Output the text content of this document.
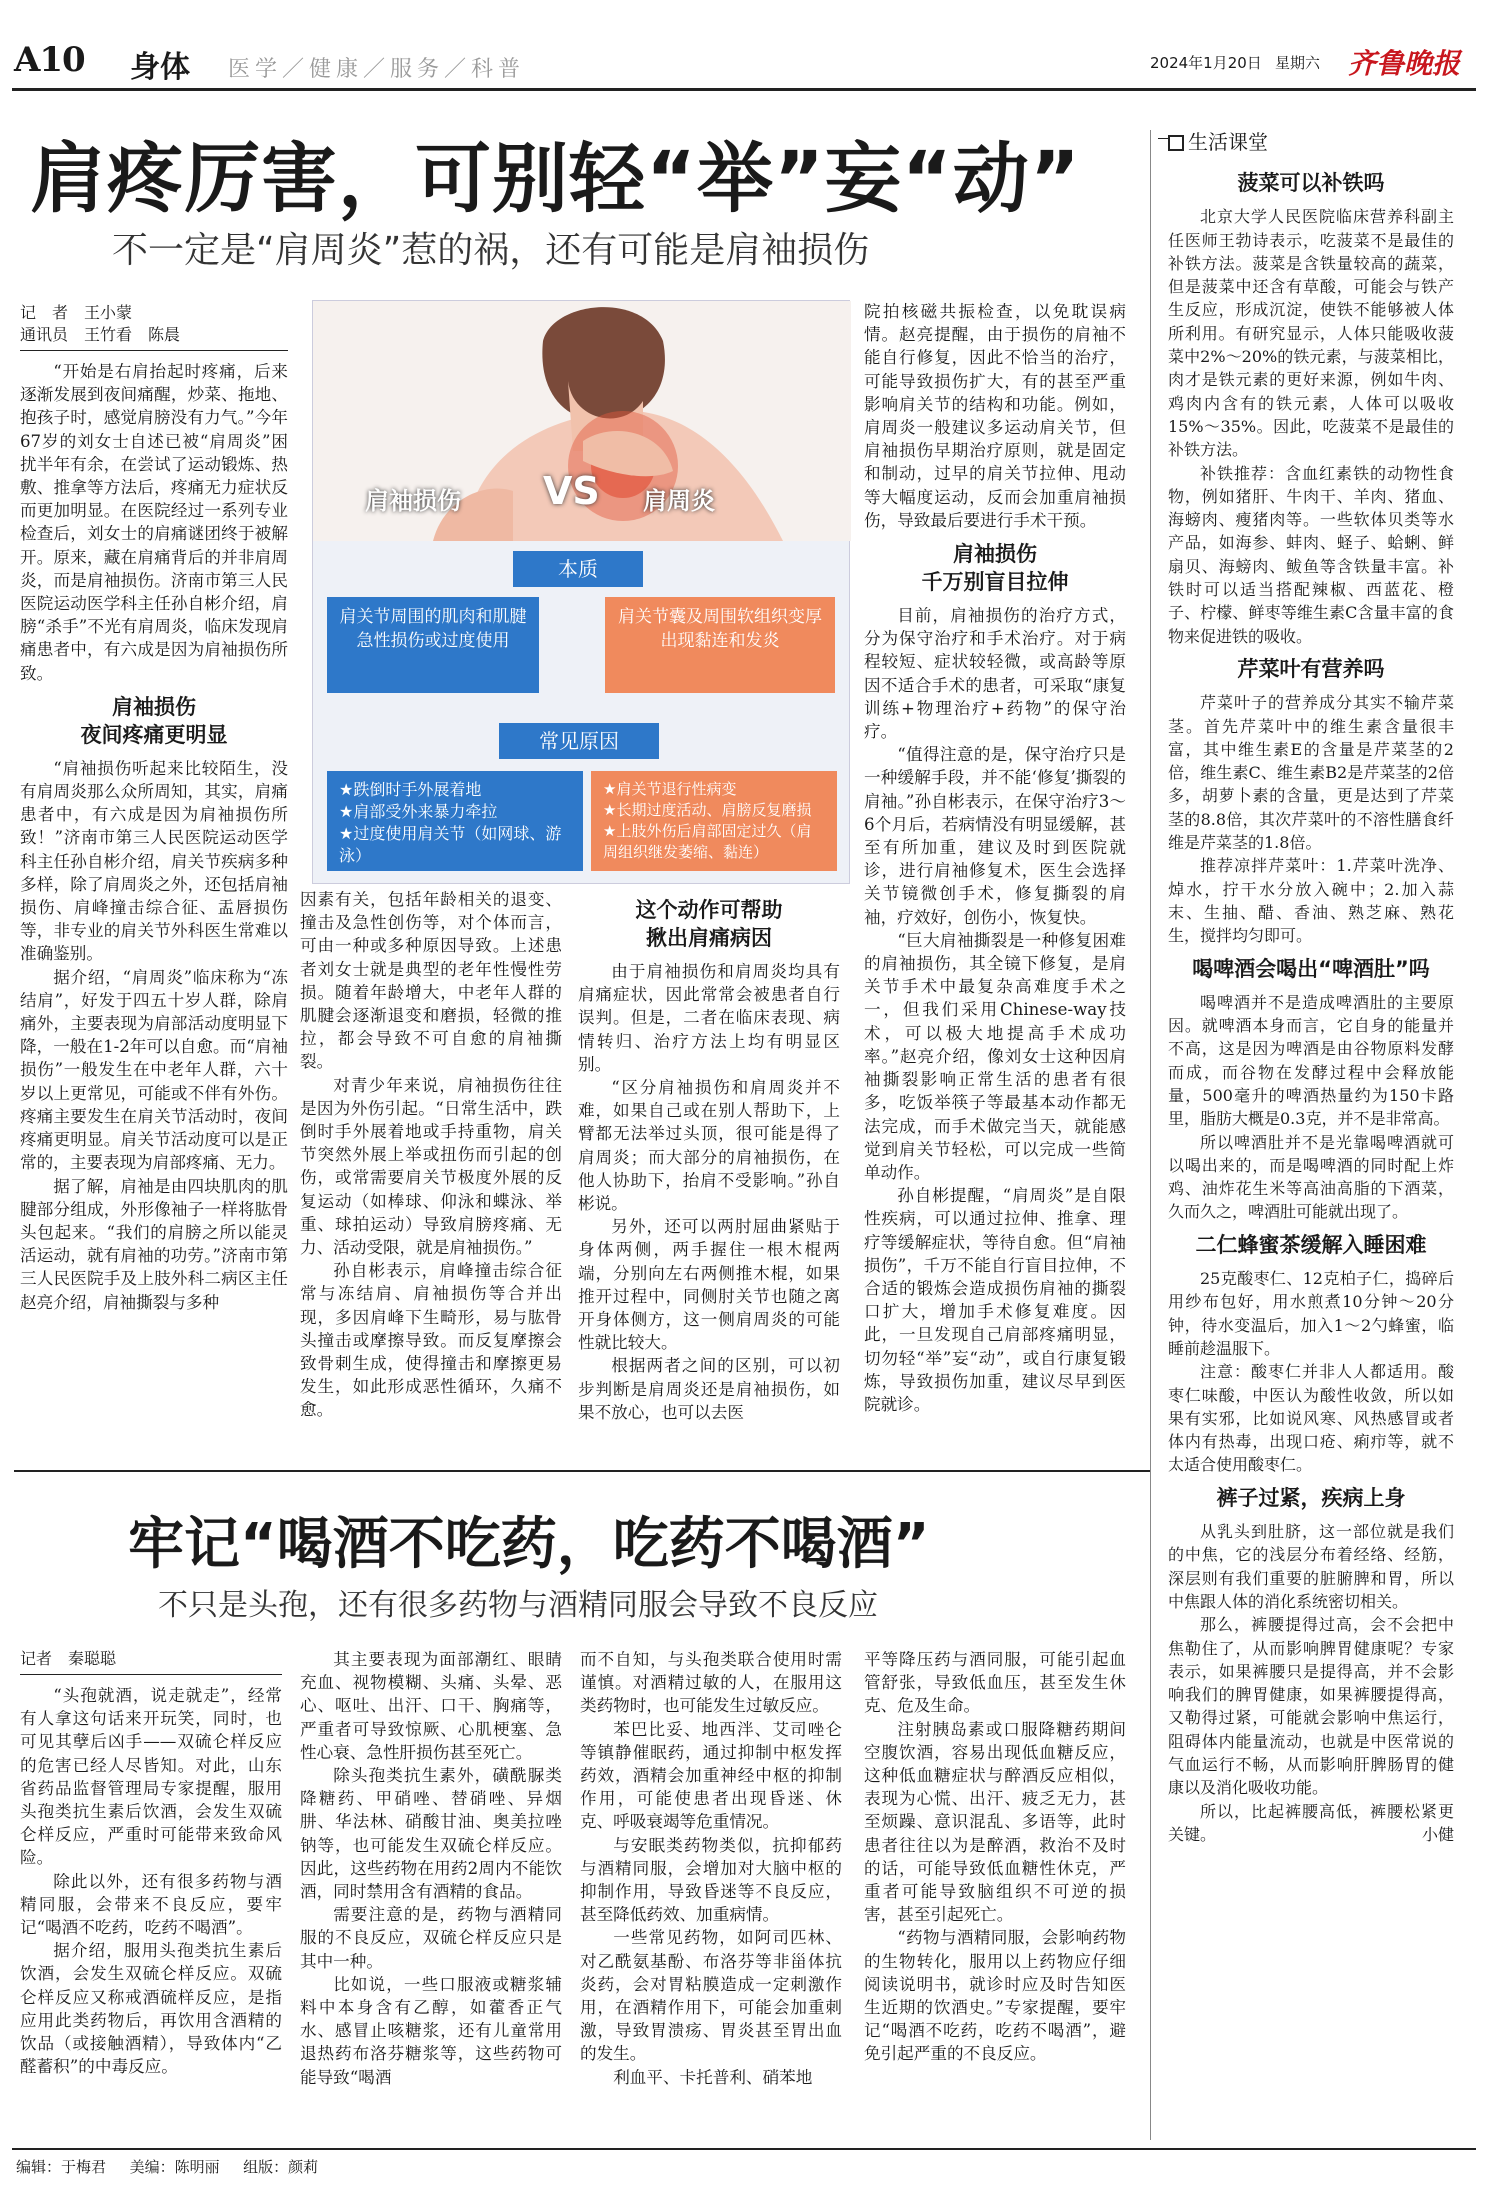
A10 身体 医学／健康／服务／科普	2024年1月20日 星期六 齐鲁晚报
肩疼厉害，可别轻“举”妄“动”
不一定是“肩周炎”惹的祸，还有可能是肩袖损伤
记　者　王小蒙
通讯员　王竹看　陈晨

“开始是右肩抬起时疼痛，后来逐渐发展到夜间痛醒，炒菜、拖地、抱孩子时，感觉肩膀没有力气。”今年67岁的刘女士自述已被“肩周炎”困扰半年有余，在尝试了运动锻炼、热敷、推拿等方法后，疼痛无力症状反而更加明显。在医院经过一系列专业检查后，刘女士的肩痛谜团终于被解开。原来，藏在肩痛背后的并非肩周炎，而是肩袖损伤。济南市第三人民医院运动医学科主任孙自彬介绍，肩膀“杀手”不光有肩周炎，临床发现肩痛患者中，有六成是因为肩袖损伤所致。

肩袖损伤
夜间疼痛更明显

“肩袖损伤听起来比较陌生，没有肩周炎那么众所周知，其实，肩痛患者中，有六成是因为肩袖损伤所致！”济南市第三人民医院运动医学科主任孙自彬介绍，肩关节疾病多种多样，除了肩周炎之外，还包括肩袖损伤、肩峰撞击综合征、盂唇损伤等，非专业的肩关节外科医生常难以准确鉴别。

据介绍，“肩周炎”临床称为“冻结肩”，好发于四五十岁人群，除肩痛外，主要表现为肩部活动度明显下降，一般在1-2年可以自愈。而“肩袖损伤”一般发生在中老年人群，六十岁以上更常见，可能或不伴有外伤。疼痛主要发生在肩关节活动时，夜间疼痛更明显。肩关节活动度可以是正常的，主要表现为肩部疼痛、无力。

据了解，肩袖是由四块肌肉的肌腱部分组成，外形像袖子一样将肱骨头包起来。“我们的肩膀之所以能灵活运动，就有肩袖的功劳。”济南市第三人民医院手及上肢外科二病区主任赵亮介绍，肩袖撕裂与多种

肩袖损伤 VS 肩周炎
本质
肩关节周围的肌肉和肌腱急性损伤或过度使用
肩关节囊及周围软组织变厚出现黏连和发炎
常见原因
★跌倒时手外展着地
★肩部受外来暴力牵拉
★过度使用肩关节（如网球、游泳）
★肩关节退行性病变
★长期过度活动、肩膀反复磨损
★上肢外伤后肩部固定过久（肩周组织继发萎缩、黏连）

因素有关，包括年龄相关的退变、撞击及急性创伤等，对个体而言，可由一种或多种原因导致。上述患者刘女士就是典型的老年性慢性劳损。随着年龄增大，中老年人群的肌腱会逐渐退变和磨损，轻微的推拉，都会导致不可自愈的肩袖撕裂。

对青少年来说，肩袖损伤往往是因为外伤引起。“日常生活中，跌倒时手外展着地或手持重物，肩关节突然外展上举或扭伤而引起的创伤，或常需要肩关节极度外展的反复运动（如棒球、仰泳和蝶泳、举重、球拍运动）导致肩膀疼痛、无力、活动受限，就是肩袖损伤。”

孙自彬表示，肩峰撞击综合征常与冻结肩、肩袖损伤等合并出现，多因肩峰下生畸形，易与肱骨头撞击或摩擦导致。而反复摩擦会致骨刺生成，使得撞击和摩擦更易发生，如此形成恶性循环，久痛不愈。

这个动作可帮助
揪出肩痛病因

由于肩袖损伤和肩周炎均具有肩痛症状，因此常常会被患者自行误判。但是，二者在临床表现、病情转归、治疗方法上均有明显区别。

“区分肩袖损伤和肩周炎并不难，如果自己或在别人帮助下，上臂都无法举过头顶，很可能是得了肩周炎；而大部分的肩袖损伤，在他人协助下，抬肩不受影响。”孙自彬说。

另外，还可以两肘屈曲紧贴于身体两侧，两手握住一根木棍两端，分别向左右两侧推木棍，如果推开过程中，同侧肘关节也随之离开身体侧方，这一侧肩周炎的可能性就比较大。

根据两者之间的区别，可以初步判断是肩周炎还是肩袖损伤，如果不放心，也可以去医

院拍核磁共振检查，以免耽误病情。赵亮提醒，由于损伤的肩袖不能自行修复，因此不恰当的治疗，可能导致损伤扩大，有的甚至严重影响肩关节的结构和功能。例如，肩周炎一般建议多运动肩关节，但肩袖损伤早期治疗原则，就是固定和制动，过早的肩关节拉伸、甩动等大幅度运动，反而会加重肩袖损伤，导致最后要进行手术干预。

肩袖损伤
千万别盲目拉伸

目前，肩袖损伤的治疗方式，分为保守治疗和手术治疗。对于病程较短、症状较轻微，或高龄等原因不适合手术的患者，可采取“康复训练+物理治疗+药物”的保守治疗。

“值得注意的是，保守治疗只是一种缓解手段，并不能‘修复’撕裂的肩袖。”孙自彬表示，在保守治疗3～6个月后，若病情没有明显缓解，甚至有所加重，建议及时到医院就诊，进行肩袖修复术，医生会选择关节镜微创手术，修复撕裂的肩袖，疗效好，创伤小，恢复快。

“巨大肩袖撕裂是一种修复困难的肩袖损伤，其全镜下修复，是肩关节手术中最复杂高难度手术之一，但我们采用Chinese-way技术，可以极大地提高手术成功率。”赵亮介绍，像刘女士这种因肩袖撕裂影响正常生活的患者有很多，吃饭举筷子等最基本动作都无法完成，而手术做完当天，就能感觉到肩关节轻松，可以完成一些简单动作。

孙自彬提醒，“肩周炎”是自限性疾病，可以通过拉伸、推拿、理疗等缓解症状，等待自愈。但“肩袖损伤”，千万不能自行盲目拉伸，不合适的锻炼会造成损伤肩袖的撕裂口扩大，增加手术修复难度。因此，一旦发现自己肩部疼痛明显，切勿轻“举”妄“动”，或自行康复锻炼，导致损伤加重，建议尽早到医院就诊。

牢记“喝酒不吃药，吃药不喝酒”
不只是头孢，还有很多药物与酒精同服会导致不良反应
记者　秦聪聪

“头孢就酒，说走就走”，经常有人拿这句话来开玩笑，同时，也可见其孽后凶手——双硫仑样反应的危害已经人尽皆知。对此，山东省药品监督管理局专家提醒，服用头孢类抗生素后饮酒，会发生双硫仑样反应，严重时可能带来致命风险。

除此以外，还有很多药物与酒精同服，会带来不良反应，要牢记“喝酒不吃药，吃药不喝酒”。

据介绍，服用头孢类抗生素后饮酒，会发生双硫仑样反应。双硫仑样反应又称戒酒硫样反应，是指应用此类药物后，再饮用含酒精的饮品（或接触酒精），导致体内“乙醛蓄积”的中毒反应。

其主要表现为面部潮红、眼睛充血、视物模糊、头痛、头晕、恶心、呕吐、出汗、口干、胸痛等，严重者可导致惊厥、心肌梗塞、急性心衰、急性肝损伤甚至死亡。

除头孢类抗生素外，磺酰脲类降糖药、甲硝唑、替硝唑、异烟肼、华法林、硝酸甘油、奥美拉唑钠等，也可能发生双硫仑样反应。因此，这些药物在用药2周内不能饮酒，同时禁用含有酒精的食品。

需要注意的是，药物与酒精同服的不良反应，双硫仑样反应只是其中一种。

比如说，一些口服液或糖浆辅料中本身含有乙醇，如藿香正气水、感冒止咳糖浆，还有儿童常用退热药布洛芬糖浆等，这些药物可能导致“喝酒

而不自知，与头孢类联合使用时需谨慎。对酒精过敏的人，在服用这类药物时，也可能发生过敏反应。

苯巴比妥、地西泮、艾司唑仑等镇静催眠药，通过抑制中枢发挥药效，酒精会加重神经中枢的抑制作用，可能使患者出现昏迷、休克、呼吸衰竭等危重情况。

与安眠类药物类似，抗抑郁药与酒精同服，会增加对大脑中枢的抑制作用，导致昏迷等不良反应，甚至降低药效、加重病情。

一些常见药物，如阿司匹林、对乙酰氨基酚、布洛芬等非甾体抗炎药，会对胃粘膜造成一定刺激作用，在酒精作用下，可能会加重刺激，导致胃溃疡、胃炎甚至胃出血的发生。

利血平、卡托普利、硝苯地

平等降压药与酒同服，可能引起血管舒张，导致低血压，甚至发生休克、危及生命。

注射胰岛素或口服降糖药期间空腹饮酒，容易出现低血糖反应，这种低血糖症状与醉酒反应相似，表现为心慌、出汗、疲乏无力，甚至烦躁、意识混乱、多语等，此时患者往往以为是醉酒，救治不及时的话，可能导致低血糖性休克，严重者可能导致脑组织不可逆的损害，甚至引起死亡。

“药物与酒精同服，会影响药物的生物转化，服用以上药物应仔细阅读说明书，就诊时应及时告知医生近期的饮酒史。”专家提醒，要牢记“喝酒不吃药，吃药不喝酒”，避免引起严重的不良反应。

生活课堂
菠菜可以补铁吗

北京大学人民医院临床营养科副主任医师王勃诗表示，吃菠菜不是最佳的补铁方法。菠菜是含铁量较高的蔬菜，但是菠菜中还含有草酸，可能会与铁产生反应，形成沉淀，使铁不能够被人体所利用。有研究显示，人体只能吸收菠菜中2%～20%的铁元素，与菠菜相比，肉才是铁元素的更好来源，例如牛肉、鸡肉内含有的铁元素，人体可以吸收15%～35%。因此，吃菠菜不是最佳的补铁方法。

补铁推荐：含血红素铁的动物性食物，例如猪肝、牛肉干、羊肉、猪血、海螃肉、瘦猪肉等。一些软体贝类等水产品，如海参、蚌肉、蛏子、蛤蜊、鲜扇贝、海螃肉、鲅鱼等含铁量丰富。补铁时可以适当搭配辣椒、西蓝花、橙子、柠檬、鲜枣等维生素C含量丰富的食物来促进铁的吸收。

芹菜叶有营养吗

芹菜叶子的营养成分其实不输芹菜茎。首先芹菜叶中的维生素含量很丰富，其中维生素E的含量是芹菜茎的2倍，维生素C、维生素B2是芹菜茎的2倍多，胡萝卜素的含量，更是达到了芹菜茎的8.8倍，其次芹菜叶的不溶性膳食纤维是芹菜茎的1.8倍。

推荐凉拌芹菜叶：1.芹菜叶洗净、焯水，拧干水分放入碗中；2.加入蒜末、生抽、醋、香油、熟芝麻、熟花生，搅拌均匀即可。

喝啤酒会喝出“啤酒肚”吗

喝啤酒并不是造成啤酒肚的主要原因。就啤酒本身而言，它自身的能量并不高，这是因为啤酒是由谷物原料发酵而成，而谷物在发酵过程中会释放能量，500毫升的啤酒热量约为150卡路里，脂肪大概是0.3克，并不是非常高。

所以啤酒肚并不是光靠喝啤酒就可以喝出来的，而是喝啤酒的同时配上炸鸡、油炸花生米等高油高脂的下酒菜，久而久之，啤酒肚可能就出现了。

二仁蜂蜜茶缓解入睡困难

25克酸枣仁、12克柏子仁，捣碎后用纱布包好，用水煎煮10分钟～20分钟，待水变温后，加入1～2勺蜂蜜，临睡前趁温服下。

注意：酸枣仁并非人人都适用。酸枣仁味酸，中医认为酸性收敛，所以如果有实邪，比如说风寒、风热感冒或者体内有热毒，出现口疮、痢疖等，就不太适合使用酸枣仁。

裤子过紧，疾病上身

从乳头到肚脐，这一部位就是我们的中焦，它的浅层分布着经络、经筋，深层则有我们重要的脏腑脾和胃，所以中焦跟人体的消化系统密切相关。

那么，裤腰提得过高，会不会把中焦勒住了，从而影响脾胃健康呢？专家表示，如果裤腰只是提得高，并不会影响我们的脾胃健康，如果裤腰提得高，又勒得过紧，可能就会影响中焦运行，阻碍体内能量流动，也就是中医常说的气血运行不畅，从而影响肝脾肠胃的健康以及消化吸收功能。

所以，比起裤腰高低，裤腰松紧更关键。	小健

编辑：于梅君 美编：陈明丽 组版：颜莉
